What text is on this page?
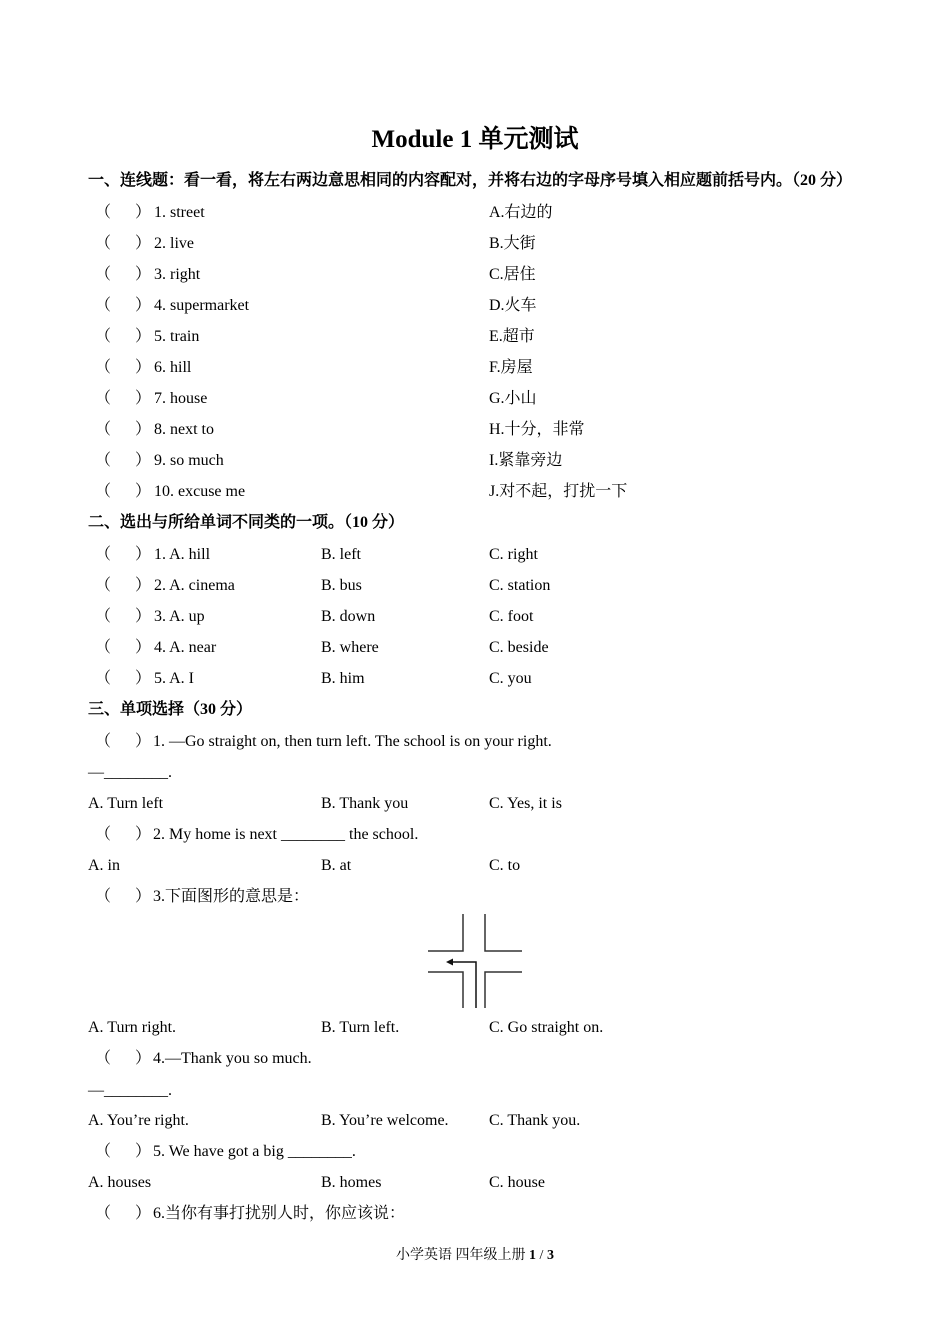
Module 1 单元测试
一、连线题：看一看，将左右两边意思相同的内容配对，并将右边的字母序号填入相应题前括号内。（20 分）
（      ） 1. street	A.右边的
（      ） 2. live	B.大街
（      ） 3. right	C.居住
（      ） 4. supermarket	D.火车
（      ） 5. train	E.超市
（      ） 6. hill	F.房屋
（      ） 7. house	G.小山
（      ） 8. next to	H.十分，非常
（      ） 9. so much	I.紧靠旁边
（      ） 10. excuse me	J.对不起，打扰一下
二、选出与所给单词不同类的一项。（10 分）
（      ） 1. A. hill	B. left	C. right
（      ） 2. A. cinema	B. bus	C. station
（      ） 3. A. up	B. down	C. foot
（      ） 4. A. near	B. where	C. beside
（      ） 5. A. I	B. him	C. you
三、单项选择（30 分）
（      ） 1. —Go straight on, then turn left. The school is on your right.
—________.
A. Turn left	B. Thank you	C. Yes, it is
（      ） 2. My home is next ________ the school.
A. in	B. at	C. to
（      ） 3.下面图形的意思是：
A. Turn right.	B. Turn left.	C. Go straight on.
（      ） 4.—Thank you so much.
—________.
A. You’re right.	B. You’re welcome.	C. Thank you.
（      ） 5. We have got a big ________.
A. houses	B. homes	C. house
（      ） 6.当你有事打扰别人时，你应该说：
小学英语 四年级上册 1 / 3
